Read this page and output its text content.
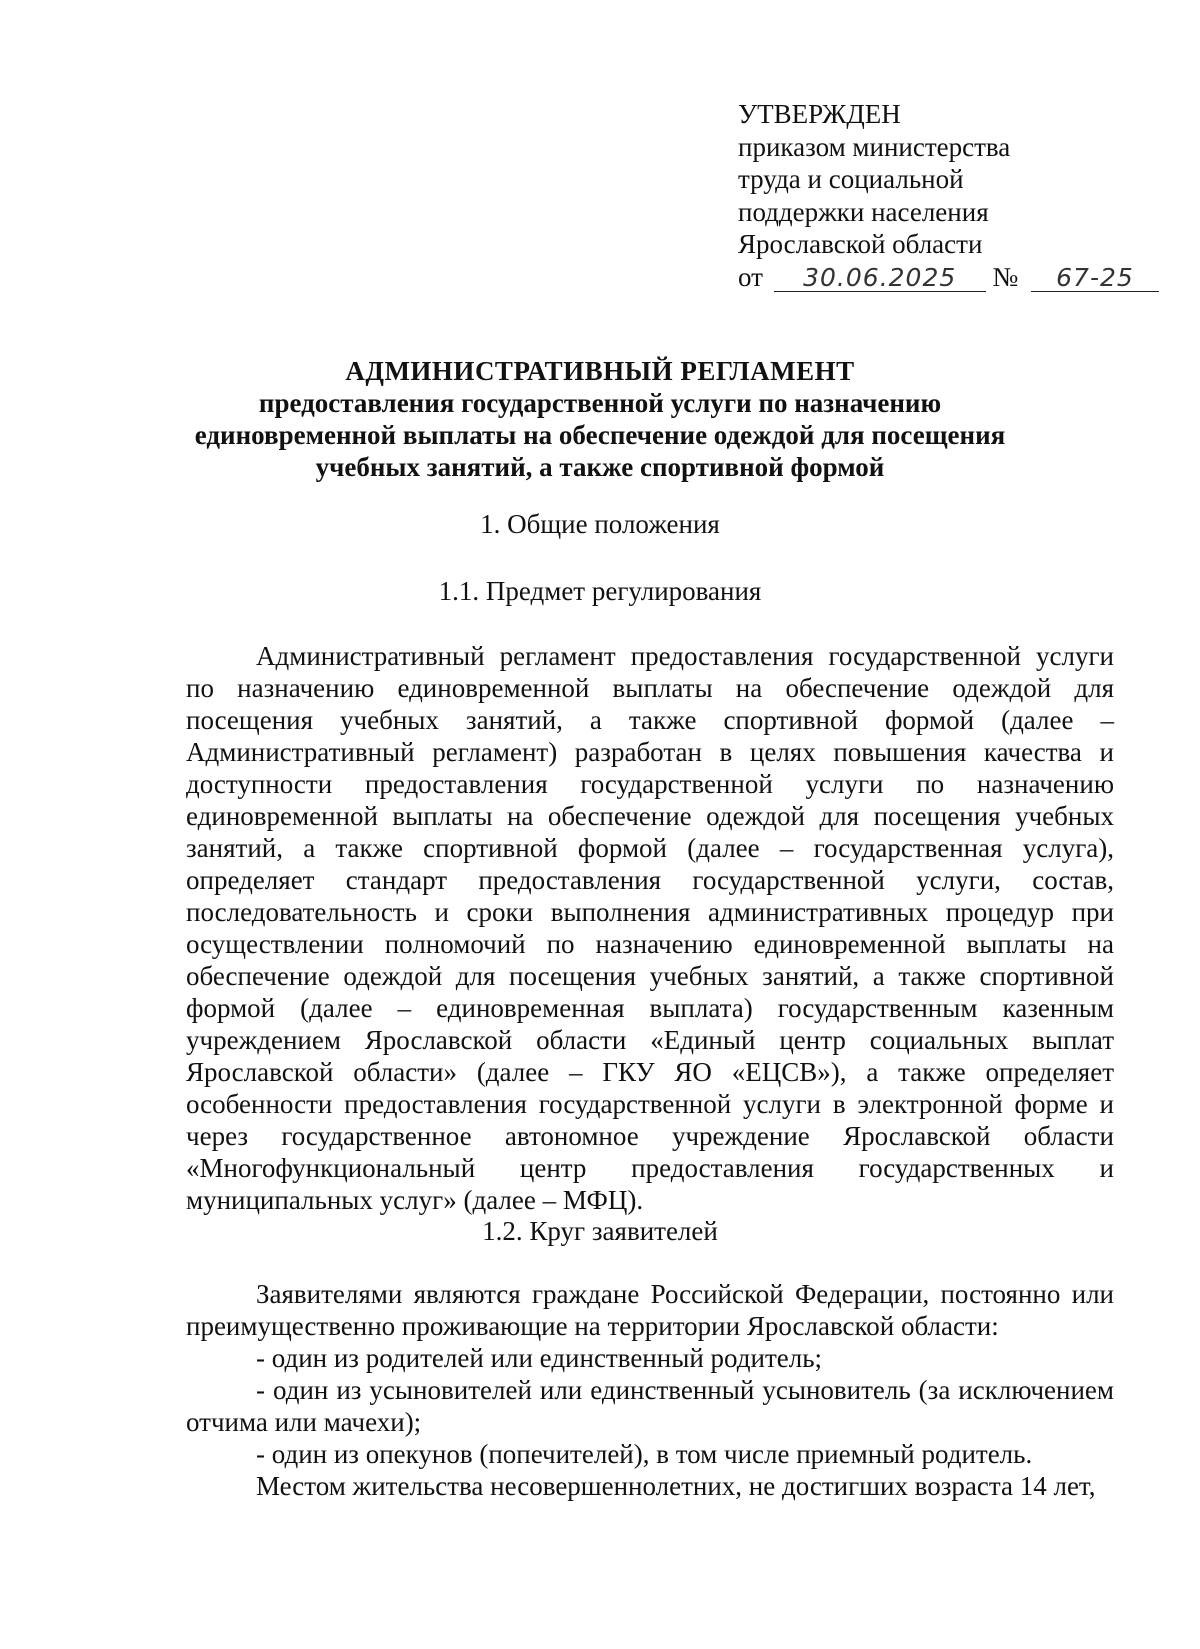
УТВЕРЖДЕН
приказом министерства
труда и социальной
поддержки населения
Ярославской области
от 30.06.2025 № 67-25
АДМИНИСТРАТИВНЫЙ РЕГЛАМЕНТ
предоставления государственной услуги по назначению
единовременной выплаты на обеспечение одеждой для посещения
учебных занятий, а также спортивной формой
1. Общие положения
1.1. Предмет регулирования

Административный регламент предоставления государственной услуги по назначению единовременной выплаты на обеспечение одеждой для посещения учебных занятий, а также спортивной формой (далее – Административный регламент) разработан в целях повышения качества и доступности предоставления государственной услуги по назначению единовременной выплаты на обеспечение одеждой для посещения учебных занятий, а также спортивной формой (далее – государственная услуга), определяет стандарт предоставления государственной услуги, состав, последовательность и сроки выполнения административных процедур при осуществлении полномочий по назначению единовременной выплаты на обеспечение одеждой для посещения учебных занятий, а также спортивной формой (далее – единовременная выплата) государственным казенным учреждением Ярославской области «Единый центр социальных выплат Ярославской области» (далее – ГКУ ЯО «ЕЦСВ»), а также определяет особенности предоставления государственной услуги в электронной форме и через государственное автономное учреждение Ярославской области «Многофункциональный центр предоставления государственных и муниципальных услуг» (далее – МФЦ).

1.2. Круг заявителей

Заявителями являются граждане Российской Федерации, постоянно или преимущественно проживающие на территории Ярославской области:

- один из родителей или единственный родитель;

- один из усыновителей или единственный усыновитель (за исключением отчима или мачехи);

- один из опекунов (попечителей), в том числе приемный родитель.

Местом жительства несовершеннолетних, не достигших возраста 14 лет,
